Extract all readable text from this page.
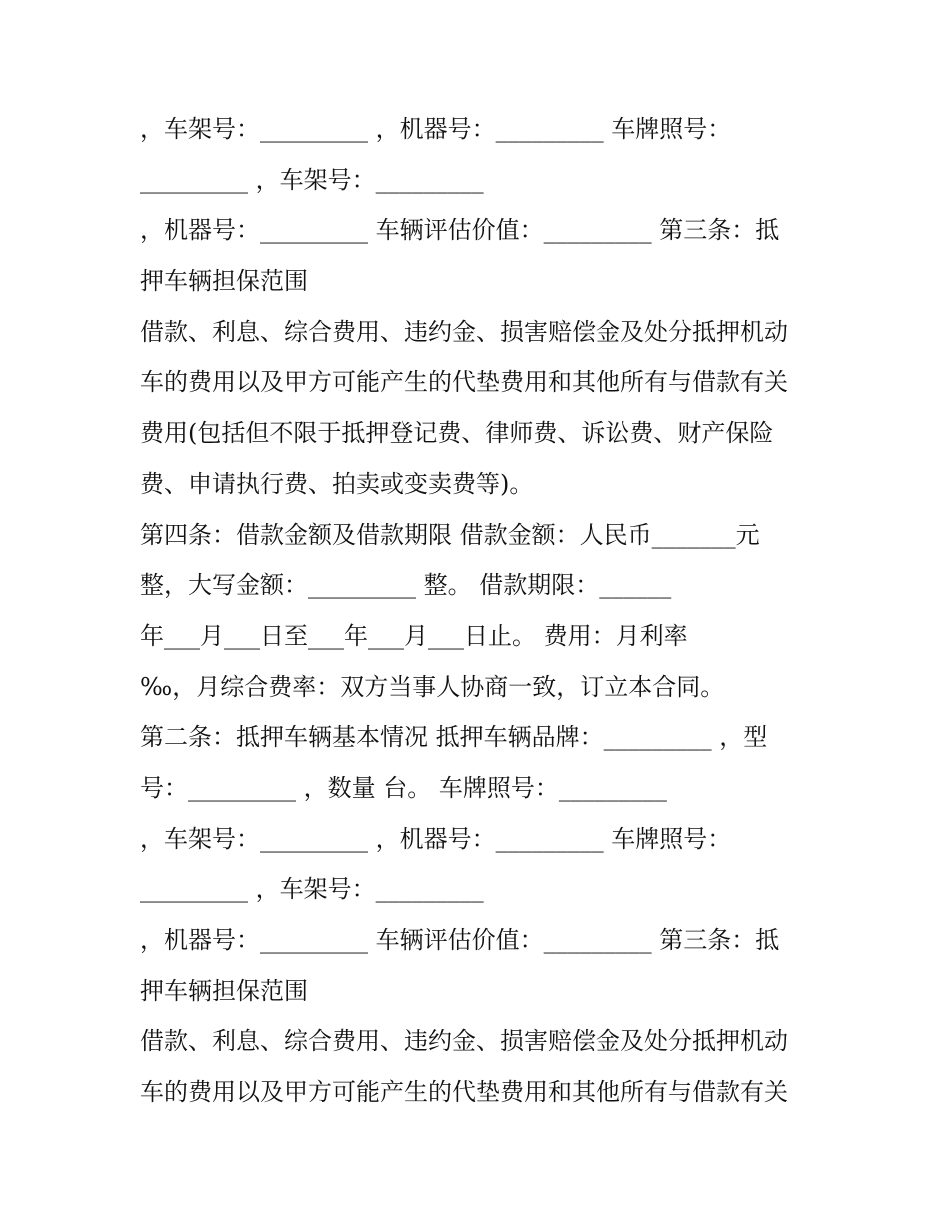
，车架号：_________ ，机器号：_________ 车牌照号：
_________ ，车架号：_________
，机器号：_________ 车辆评估价值：_________ 第三条：抵
押车辆担保范围
借款、利息、综合费用、违约金、损害赔偿金及处分抵押机动
车的费用以及甲方可能产生的代垫费用和其他所有与借款有关
费用(包括但不限于抵押登记费、律师费、诉讼费、财产保险
费、申请执行费、拍卖或变卖费等)。
第四条：借款金额及借款期限 借款金额：人民币_______元
整，大写金额：_________ 整。 借款期限：______
年___月___日至___年___月___日止。 费用：月利率
‰，月综合费率：双方当事人协商一致，订立本合同。
第二条：抵押车辆基本情况 抵押车辆品牌：_________ ，型
号：_________ ，数量 台。 车牌照号：_________
，车架号：_________ ，机器号：_________ 车牌照号：
_________ ，车架号：_________
，机器号：_________ 车辆评估价值：_________ 第三条：抵
押车辆担保范围
借款、利息、综合费用、违约金、损害赔偿金及处分抵押机动
车的费用以及甲方可能产生的代垫费用和其他所有与借款有关
